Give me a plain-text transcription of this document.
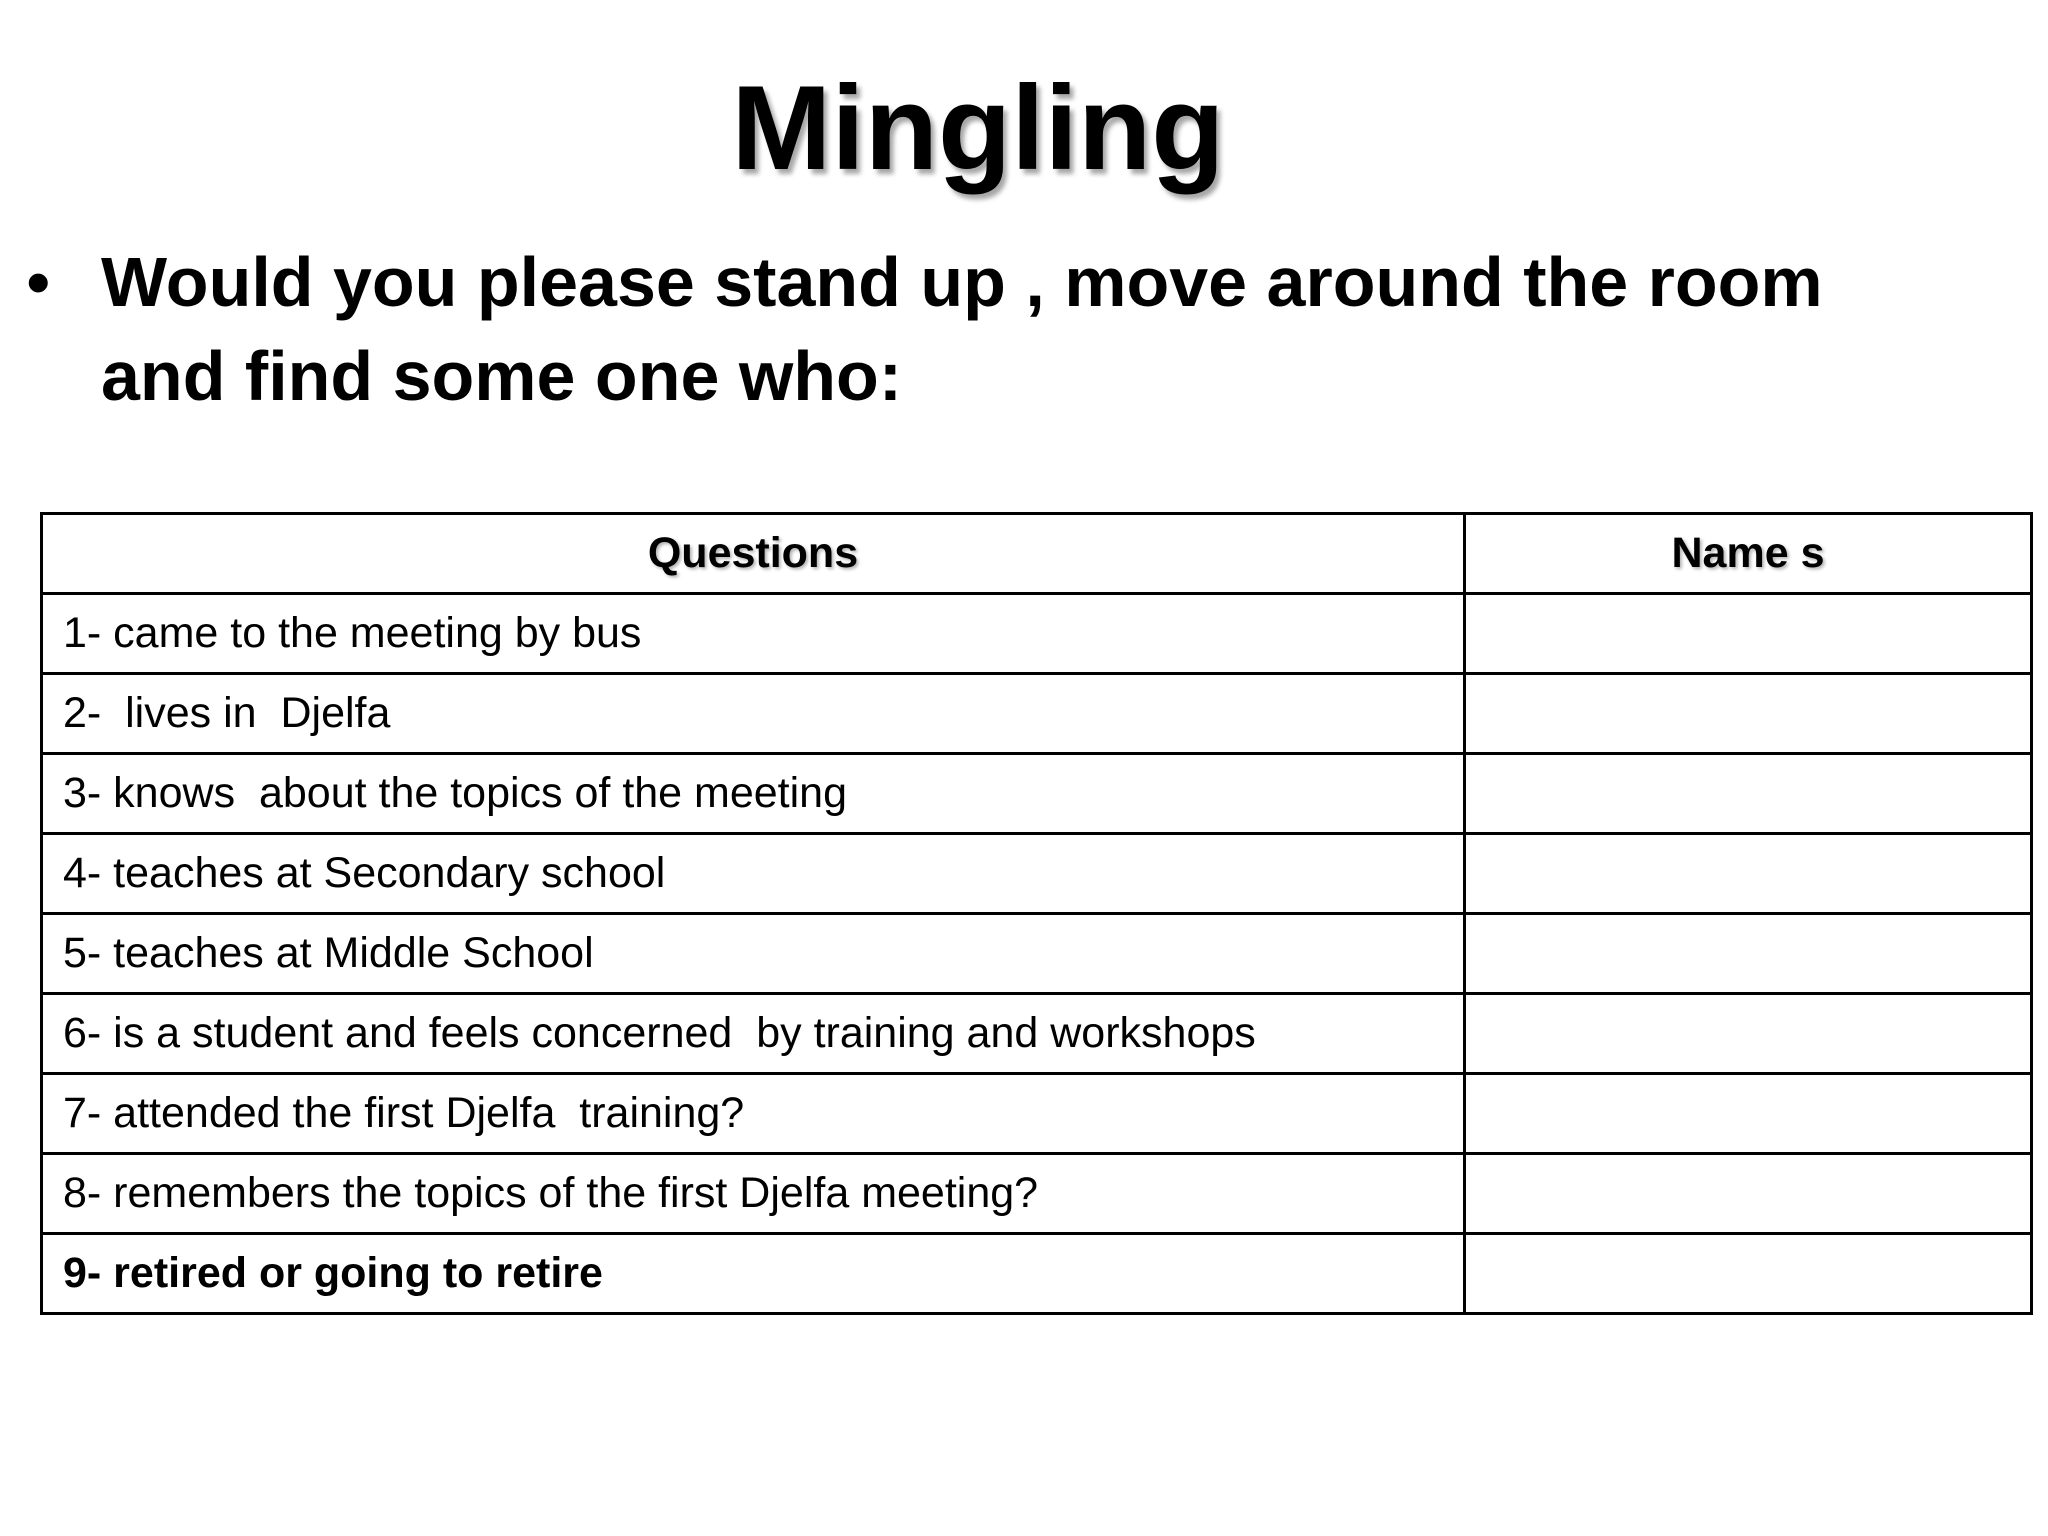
Mingling
• Would you please stand up , move around the room
and find some one who:
Questions	Name s
1- came to the meeting by bus	
2-  lives in  Djelfa	
3- knows  about the topics of the meeting	
4- teaches at Secondary school	
5- teaches at Middle School	
6- is a student and feels concerned  by training and workshops	
7- attended the first Djelfa  training?	
8- remembers the topics of the first Djelfa meeting?	
9- retired or going to retire	
